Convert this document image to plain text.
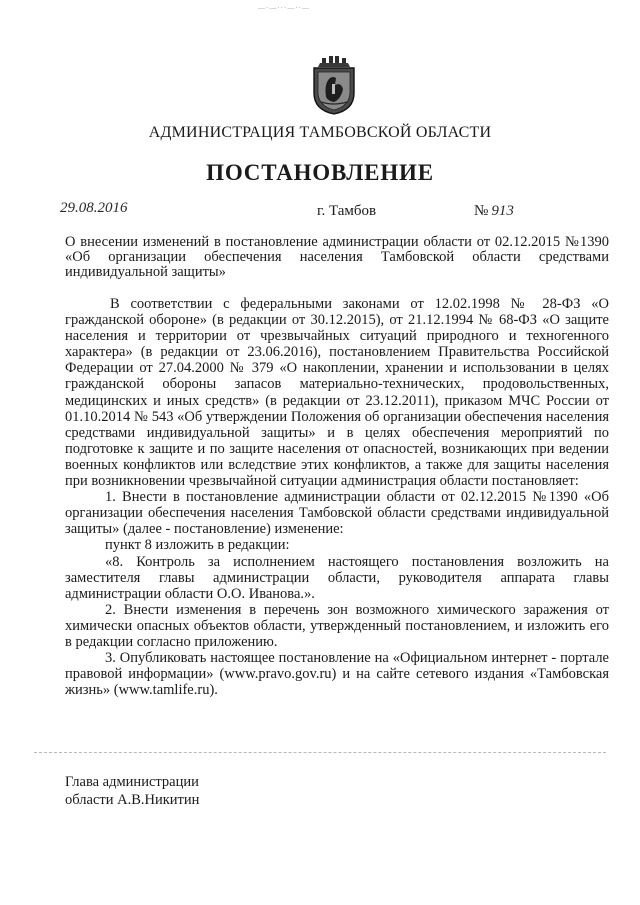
—·—···—··—
АДМИНИСТРАЦИЯ ТАМБОВСКОЙ ОБЛАСТИ
ПОСТАНОВЛЕНИЕ
29.08.2016	г. Тамбов	№ 913
О внесении изменений в постановление администрации области от 02.12.2015 №1390 «Об организации обеспечения населения Тамбовской области средствами индивидуальной защиты»

В соответствии с федеральными законами от 12.02.1998 № 28-ФЗ «О гражданской обороне» (в редакции от 30.12.2015), от 21.12.1994 № 68-ФЗ «О защите населения и территории от чрезвычайных ситуаций природного и техногенного характера» (в редакции от 23.06.2016), постановлением Правительства Российской Федерации от 27.04.2000 № 379 «О накоплении, хранении и использовании в целях гражданской обороны запасов материально-технических, продовольственных, медицинских и иных средств» (в редакции от 23.12.2011), приказом МЧС России от 01.10.2014 № 543 «Об утверждении Положения об организации обеспечения населения средствами индивидуальной защиты» и в целях обеспечения мероприятий по подготовке к защите и по защите населения от опасностей, возникающих при ведении военных конфликтов или вследствие этих конфликтов, а также для защиты населения при возникновении чрезвычайной ситуации администрация области постановляет:

1. Внести в постановление администрации области от 02.12.2015 №1390 «Об организации обеспечения населения Тамбовской области средствами индивидуальной защиты» (далее - постановление) изменение:

пункт 8 изложить в редакции:

«8. Контроль за исполнением настоящего постановления возложить на заместителя главы администрации области, руководителя аппарата главы администрации области О.О. Иванова.».

2. Внести изменения в перечень зон возможного химического заражения от химически опасных объектов области, утвержденный постановлением, и изложить его в редакции согласно приложению.

3. Опубликовать настоящее постановление на «Официальном интернет - портале правовой информации» (www.pravo.gov.ru) и на сайте сетевого издания «Тамбовская жизнь» (www.tamlife.ru).

Глава администрации
области А.В.Никитин
